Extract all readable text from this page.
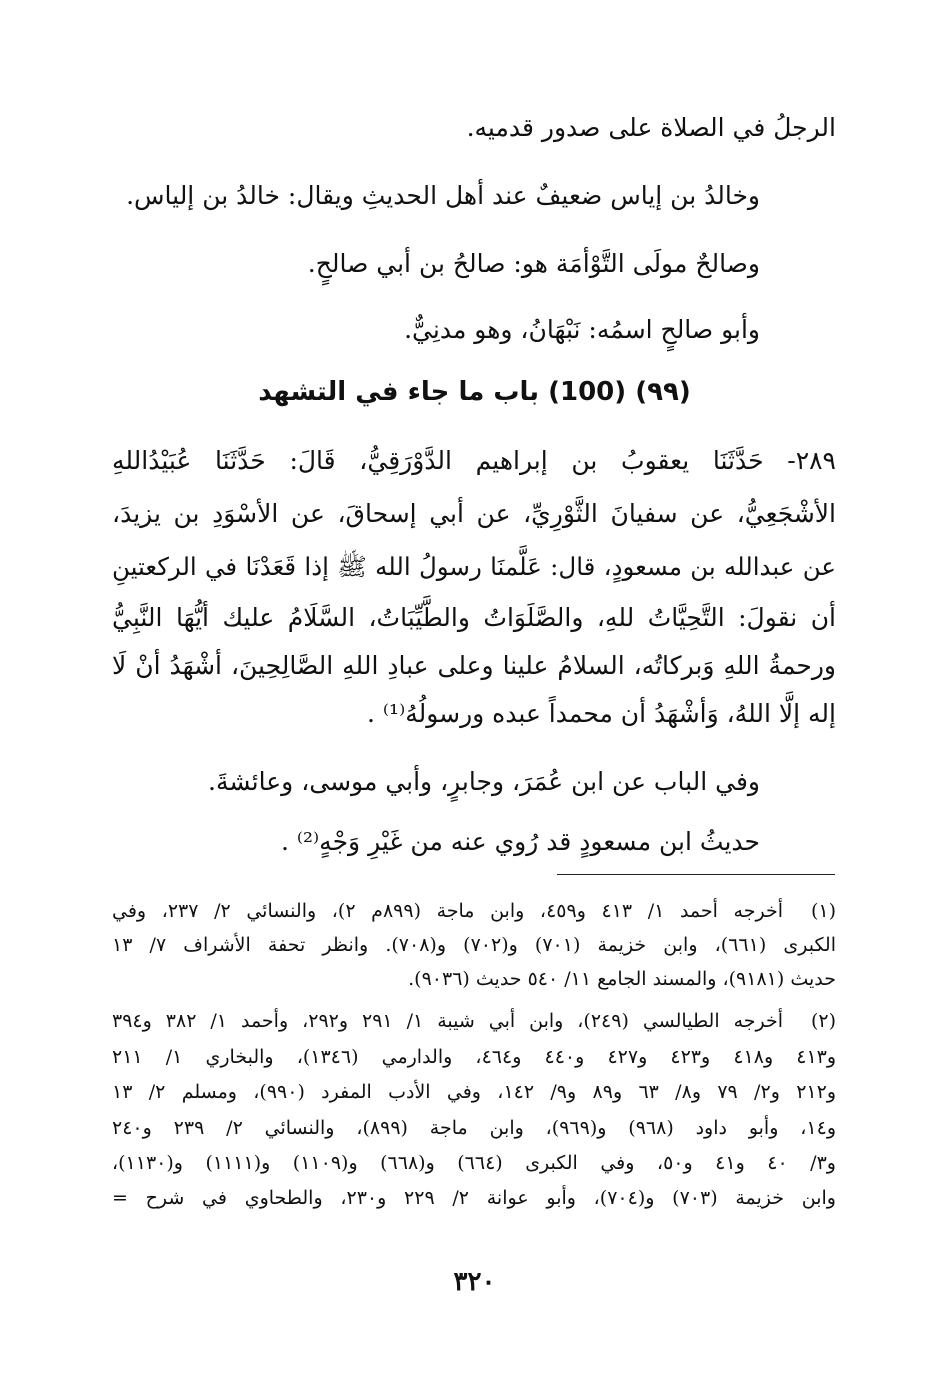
الرجلُ في الصلاة على صدور قدميه.
وخالدُ بن إياس ضعيفٌ عند أهل الحديثِ ويقال: خالدُ بن إلياس.
وصالحٌ مولَى التَّوْأمَة هو: صالحُ بن أبي صالحٍ.
وأبو صالحٍ اسمُه: نَبْهَانُ، وهو مدنِيٌّ.
(٩٩) (100) باب ما جاء في التشهد
٢٨٩- حَدَّثَنَا يعقوبُ بن إبراهيم الدَّوْرَقِيُّ، قَالَ: حَدَّثَنَا عُبَيْدُاللهِ
الأشْجَعِيُّ، عن سفيانَ الثَّوْرِيِّ، عن أبي إسحاقَ، عن الأسْوَدِ بن يزيدَ،
عن عبدالله بن مسعودٍ، قال: عَلَّمنَا رسولُ الله ﷺ إذا قَعَدْنَا في الركعتينِ
أن نقولَ: التَّحِيَّاتُ للهِ، والصَّلَوَاتُ والطَّيِّبَاتُ، السَّلَامُ عليك أيُّهَا النَّبِيُّ
ورحمةُ اللهِ وَبركاتُه، السلامُ علينا وعلى عبادِ اللهِ الصَّالِحِينَ، أشْهَدُ أنْ لَا
إله إلَّا اللهُ، وَأشْهَدُ أن محمداً عبده ورسولُهُ⁽¹⁾ .
وفي الباب عن ابن عُمَرَ، وجابرٍ، وأبي موسى، وعائشةَ.
حديثُ ابن مسعودٍ قد رُوي عنه من غَيْرِ وَجْهٍ⁽²⁾ .
(١)
أخرجه أحمد ١/ ٤١٣ و٤٥٩، وابن ماجة (٨٩٩م ٢)، والنسائي ٢/ ٢٣٧، وفي
الكبرى (٦٦١)، وابن خزيمة (٧٠١) و(٧٠٢) و(٧٠٨). وانظر تحفة الأشراف ٧/ ١٣
حديث (٩١٨١)، والمسند الجامع ١١/ ٥٤٠ حديث (٩٠٣٦).
(٢)
أخرجه الطيالسي (٢٤٩)، وابن أبي شيبة ١/ ٢٩١ و٢٩٢، وأحمد ١/ ٣٨٢ و٣٩٤
و٤١٣ و٤١٨ و٤٢٣ و٤٢٧ و٤٤٠ و٤٦٤، والدارمي (١٣٤٦)، والبخاري ١/ ٢١١
و٢١٢ و٢/ ٧٩ و٨/ ٦٣ و٨٩ و٩/ ١٤٢، وفي الأدب المفرد (٩٩٠)، ومسلم ٢/ ١٣
و١٤، وأبو داود (٩٦٨) و(٩٦٩)، وابن ماجة (٨٩٩)، والنسائي ٢/ ٢٣٩ و٢٤٠
و٣/ ٤٠ و٤١ و٥٠، وفي الكبرى (٦٦٤) و(٦٦٨) و(١١٠٩) و(١١١١) و(١١٣٠)،
وابن خزيمة (٧٠٣) و(٧٠٤)، وأبو عوانة ٢/ ٢٢٩ و٢٣٠، والطحاوي في شرح =
٣٢٠
